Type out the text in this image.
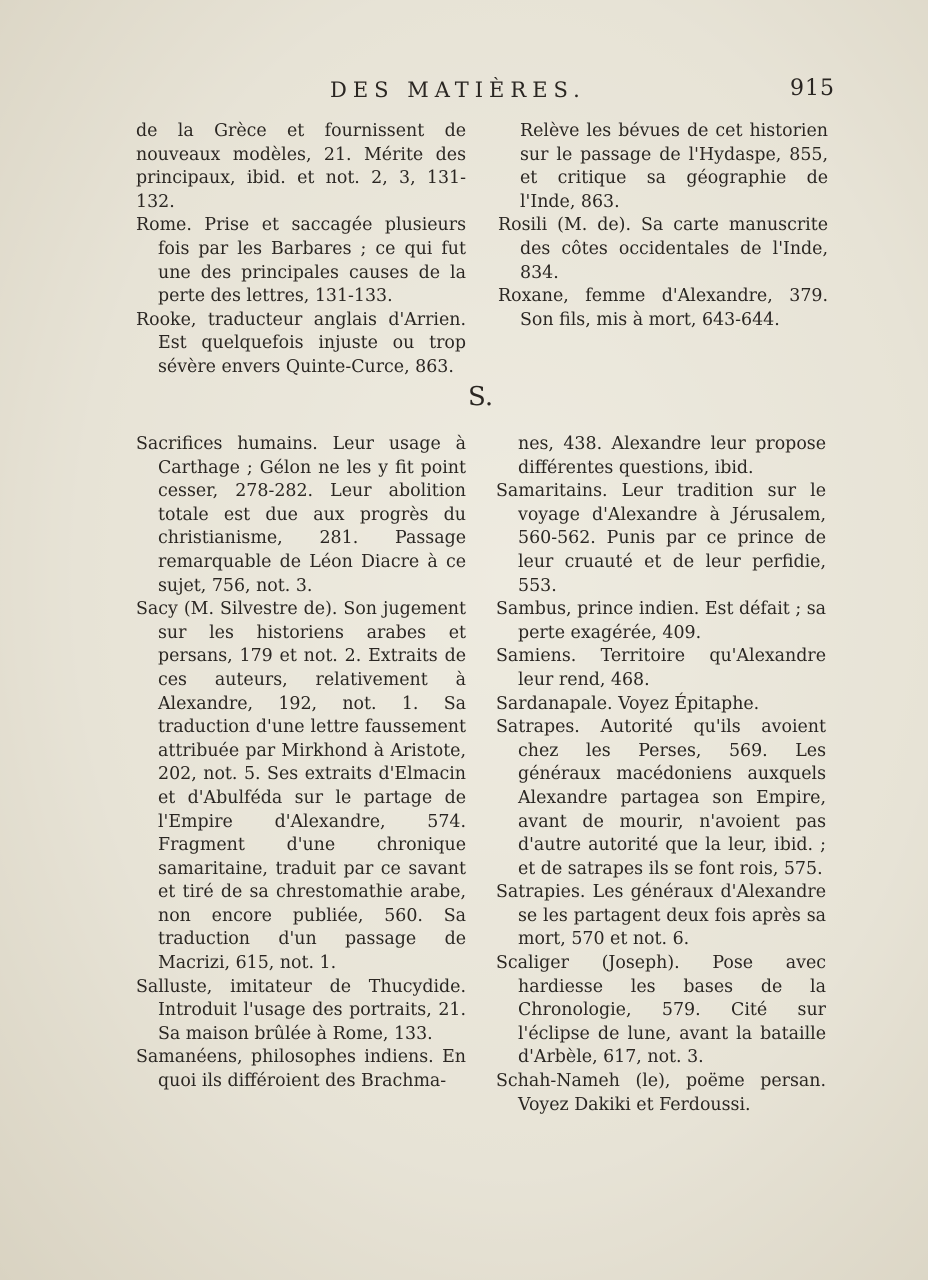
DES MATIÈRES.	915
de la Grèce et fournissent de nouveaux modèles, 21. Mérite des principaux, ibid. et not. 2, 3, 131-132.
Rome. Prise et saccagée plusieurs fois par les Barbares ; ce qui fut une des principales causes de la perte des lettres, 131-133.
Rooke, traducteur anglais d'Arrien. Est quelquefois injuste ou trop sévère envers Quinte-Curce, 863.
Relève les bévues de cet historien sur le passage de l'Hydaspe, 855, et critique sa géographie de l'Inde, 863.
Rosili (M. de). Sa carte manuscrite des côtes occidentales de l'Inde, 834.
Roxane, femme d'Alexandre, 379. Son fils, mis à mort, 643-644.
S.
Sacrifices humains. Leur usage à Carthage ; Gélon ne les y fit point cesser, 278-282. Leur abolition totale est due aux progrès du christianisme, 281. Passage remarquable de Léon Diacre à ce sujet, 756, not. 3.
Sacy (M. Silvestre de). Son jugement sur les historiens arabes et persans, 179 et not. 2. Extraits de ces auteurs, relativement à Alexandre, 192, not. 1. Sa traduction d'une lettre faussement attribuée par Mirkhond à Aristote, 202, not. 5. Ses extraits d'Elmacin et d'Abulféda sur le partage de l'Empire d'Alexandre, 574. Fragment d'une chronique samaritaine, traduit par ce savant et tiré de sa chrestomathie arabe, non encore publiée, 560. Sa traduction d'un passage de Macrizi, 615, not. 1.
Salluste, imitateur de Thucydide. Introduit l'usage des portraits, 21. Sa maison brûlée à Rome, 133.
Samanéens, philosophes indiens. En quoi ils différoient des Brachma-
nes, 438. Alexandre leur propose différentes questions, ibid.
Samaritains. Leur tradition sur le voyage d'Alexandre à Jérusalem, 560-562. Punis par ce prince de leur cruauté et de leur perfidie, 553.
Sambus, prince indien. Est défait ; sa perte exagérée, 409.
Samiens. Territoire qu'Alexandre leur rend, 468.
Sardanapale. Voyez Épitaphe.
Satrapes. Autorité qu'ils avoient chez les Perses, 569. Les généraux macédoniens auxquels Alexandre partagea son Empire, avant de mourir, n'avoient pas d'autre autorité que la leur, ibid. ; et de satrapes ils se font rois, 575.
Satrapies. Les généraux d'Alexandre se les partagent deux fois après sa mort, 570 et not. 6.
Scaliger (Joseph). Pose avec hardiesse les bases de la Chronologie, 579. Cité sur l'éclipse de lune, avant la bataille d'Arbèle, 617, not. 3.
Schah-Nameh (le), poëme persan. Voyez Dakiki et Ferdoussi.
